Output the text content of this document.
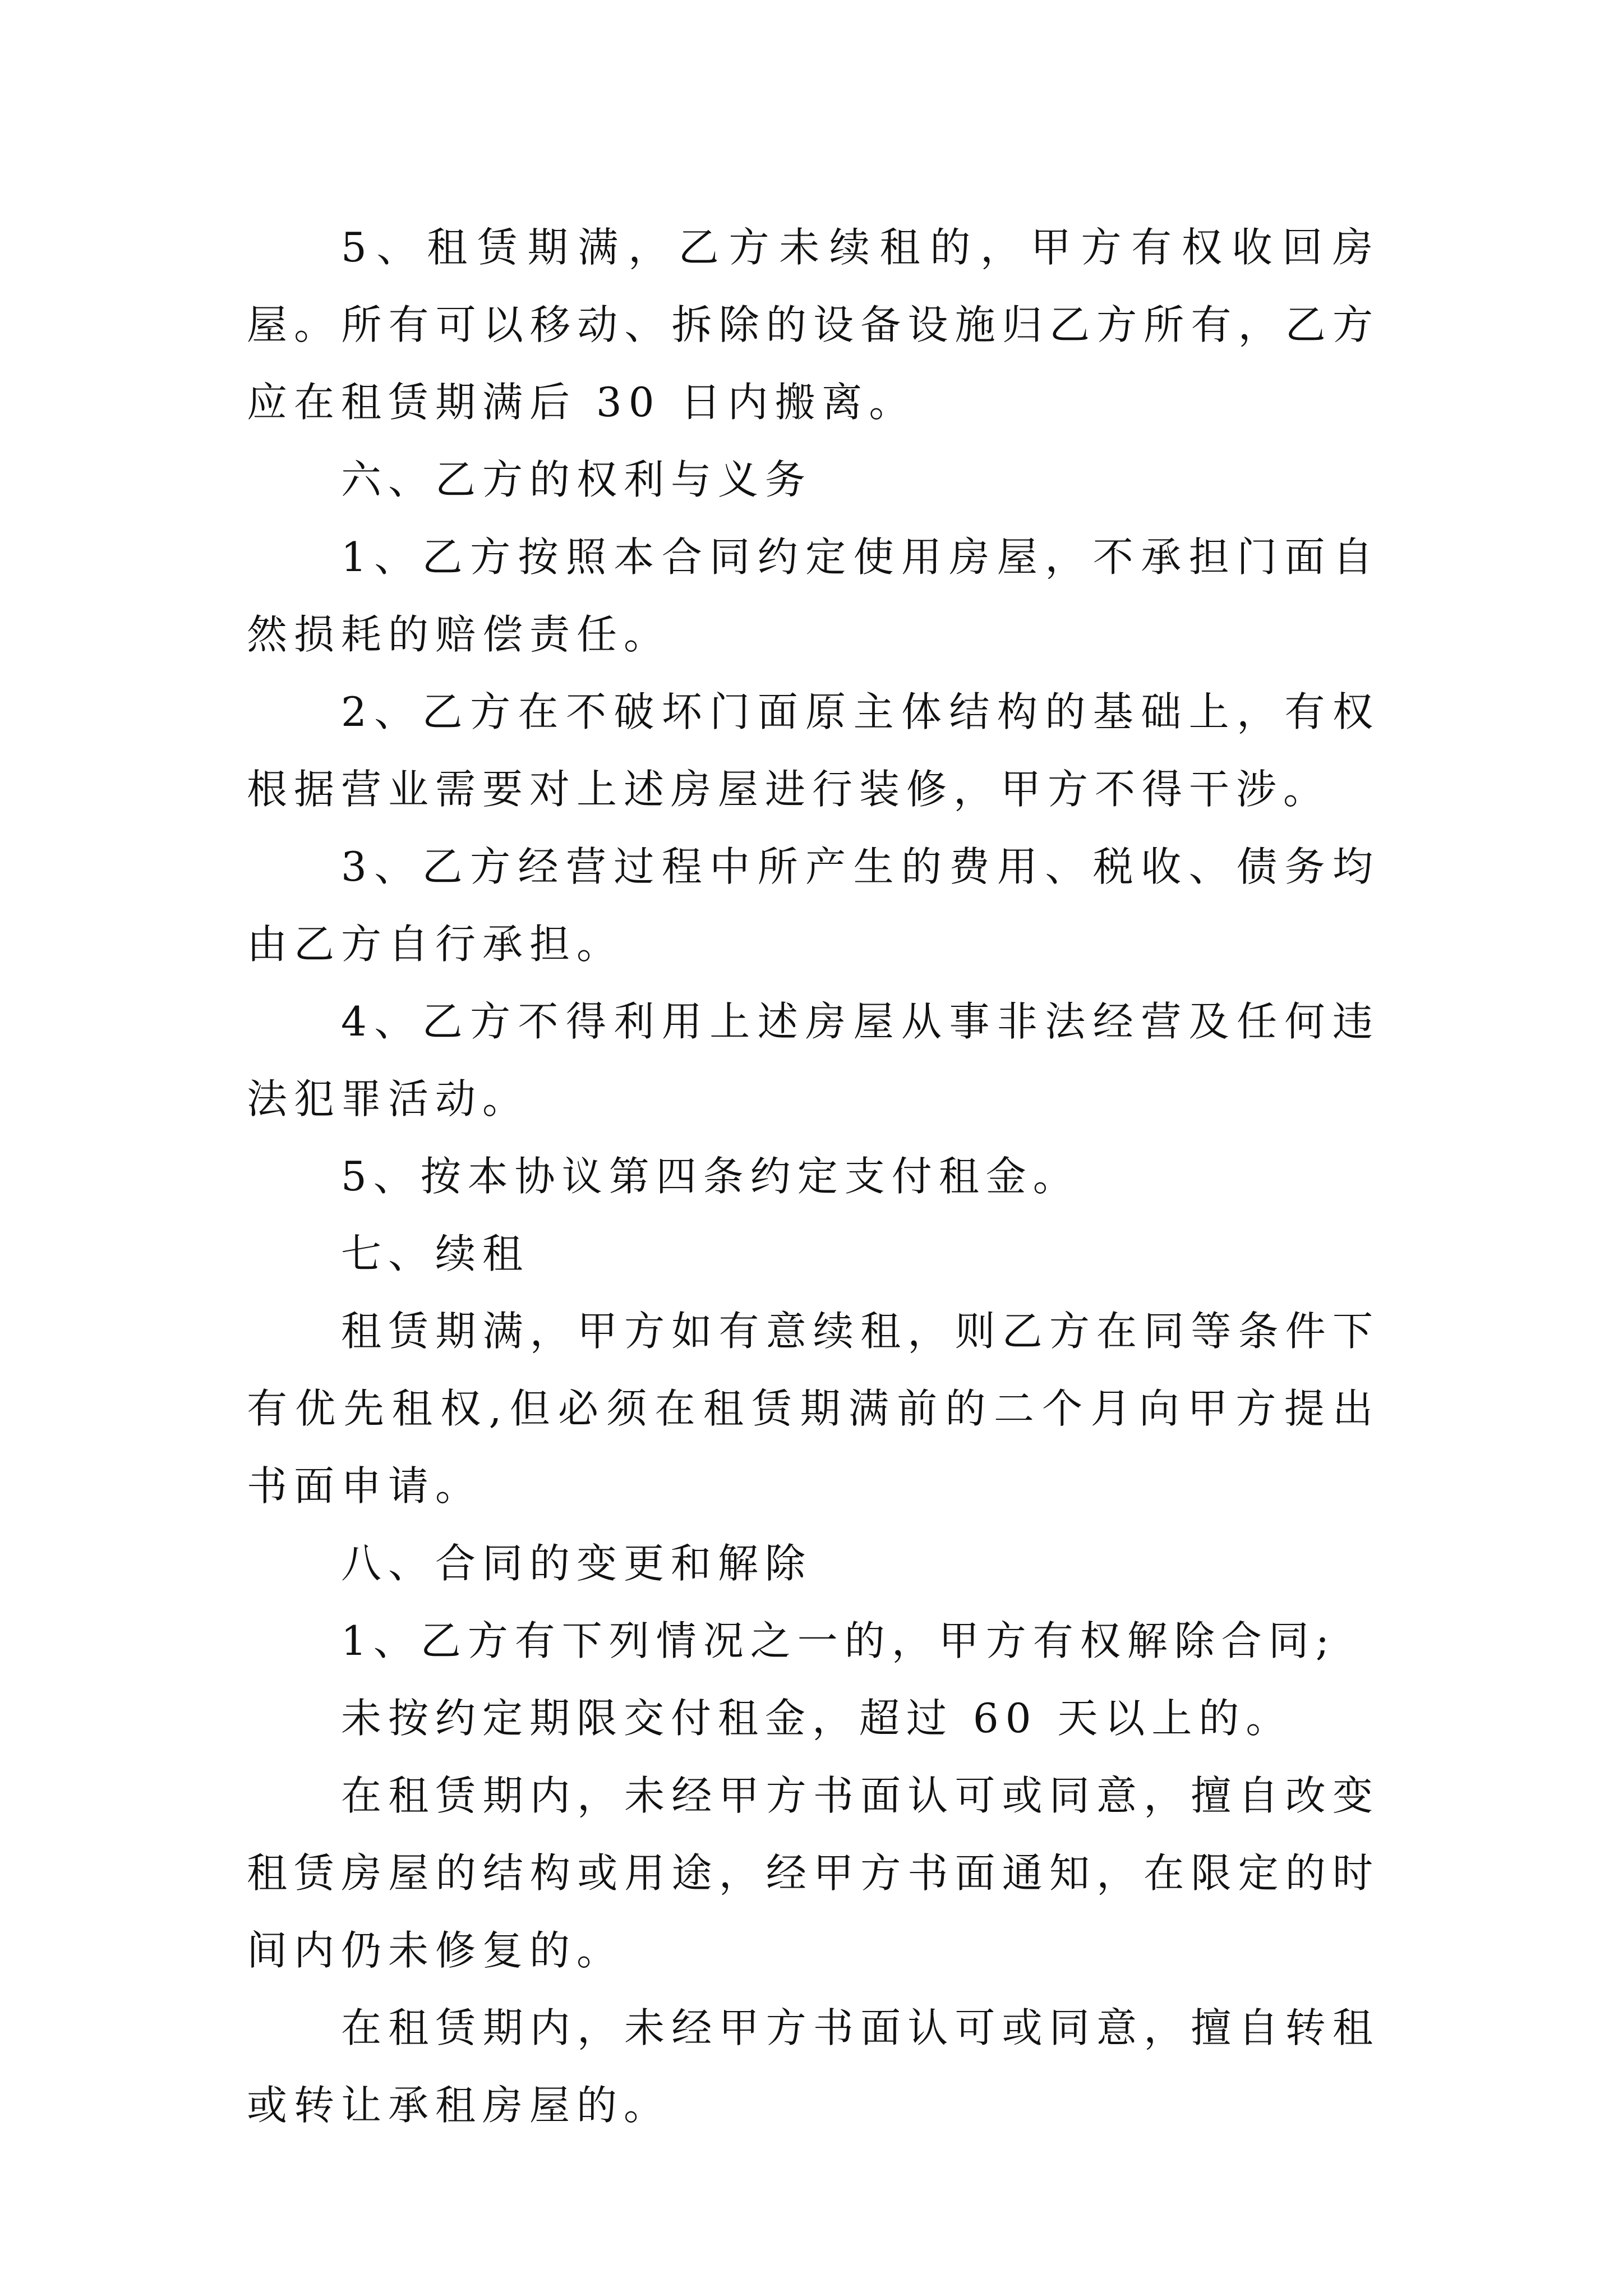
5、租赁期满，乙方未续租的，甲方有权收回房屋。所有可以移动、拆除的设备设施归乙方所有，乙方应在租赁期满后 30 日内搬离。

六、乙方的权利与义务

1、乙方按照本合同约定使用房屋，不承担门面自然损耗的赔偿责任。

2、乙方在不破坏门面原主体结构的基础上，有权根据营业需要对上述房屋进行装修，甲方不得干涉。

3、乙方经营过程中所产生的费用、税收、债务均由乙方自行承担。

4、乙方不得利用上述房屋从事非法经营及任何违法犯罪活动。

5、按本协议第四条约定支付租金。

七、续租

租赁期满，甲方如有意续租，则乙方在同等条件下有优先租权,但必须在租赁期满前的二个月向甲方提出书面申请。

八、合同的变更和解除

1、乙方有下列情况之一的，甲方有权解除合同;

未按约定期限交付租金，超过 60 天以上的。

在租赁期内，未经甲方书面认可或同意，擅自改变租赁房屋的结构或用途，经甲方书面通知，在限定的时间内仍未修复的。

在租赁期内，未经甲方书面认可或同意，擅自转租或转让承租房屋的。
